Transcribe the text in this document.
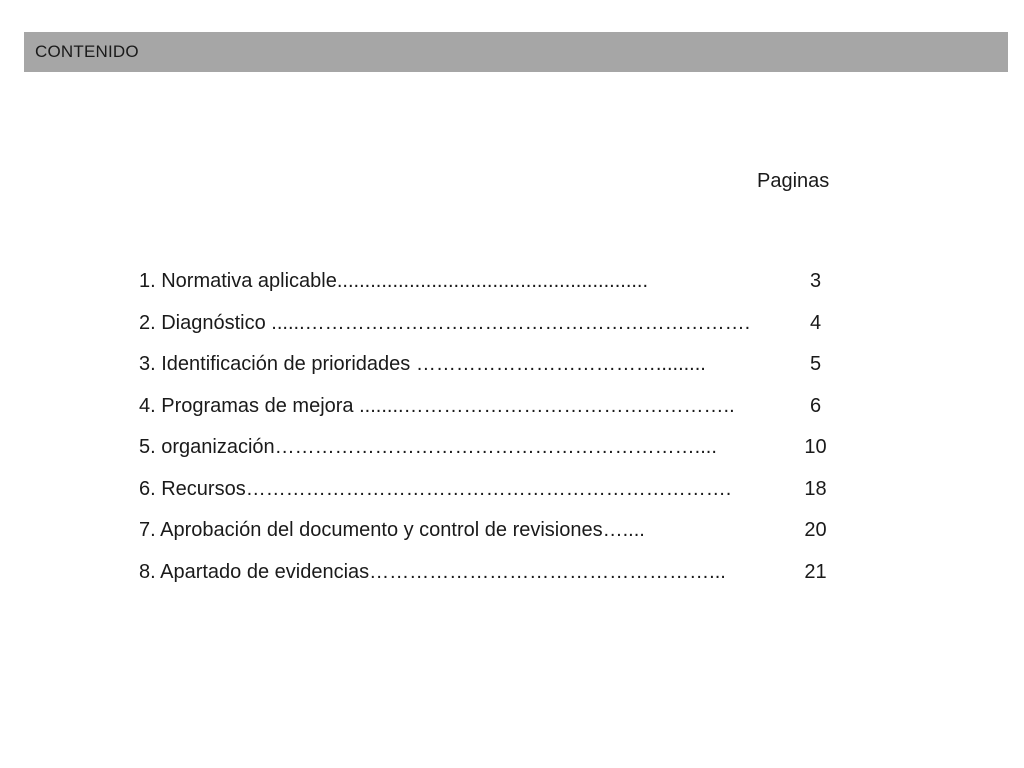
CONTENIDO
Paginas
1. Normativa aplicable........................................................	3
2. Diagnóstico ......………………………………………………………….	4
3. Identificación de prioridades ……………………………….........	5
4. Programas de mejora ........…………………………………………..	6
5. organización………………………………………………………....	10
6. Recursos……………………………………………………………….	18
7. Aprobación del documento y control de revisiones…....	20
8. Apartado de evidencias……………………………………………...	21
